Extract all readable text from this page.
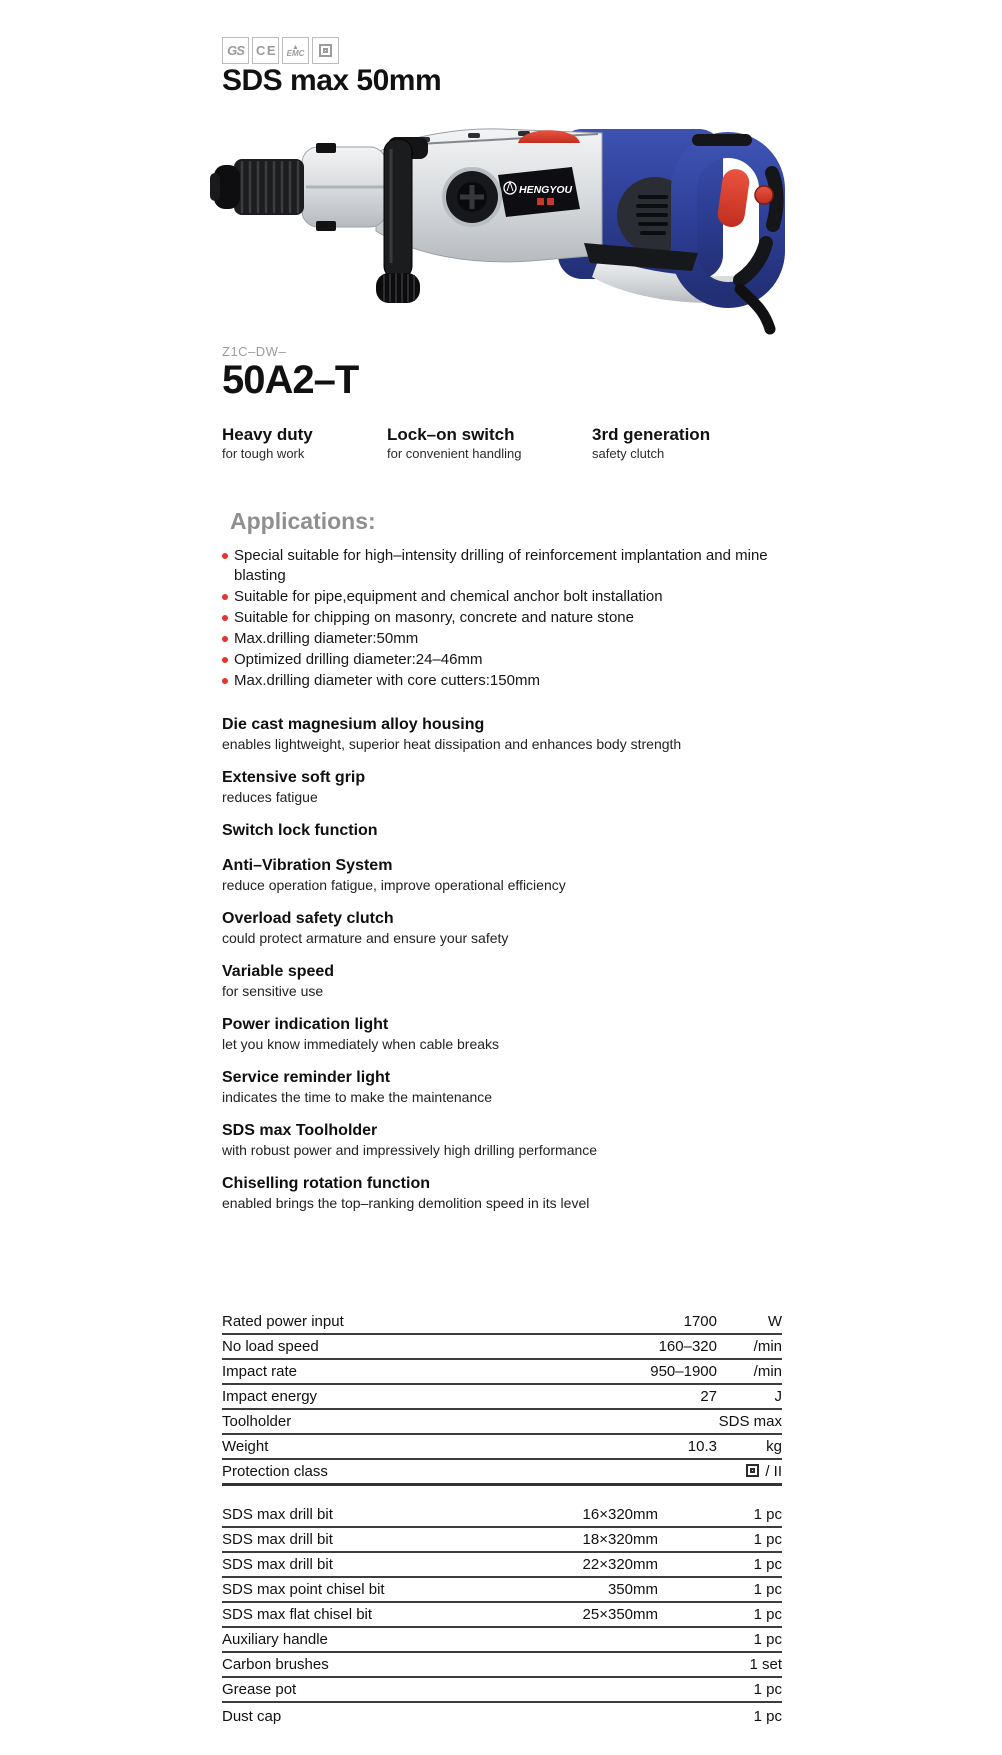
GS CE ▲
EMC
SDS max 50mm
HENGYOU
Z1C–DW–
50A2–T
Heavy duty
for tough work
Lock–on switch
for convenient handling
3rd generation
safety clutch
Applications:
Special suitable for high–intensity drilling of reinforcement implantation and mine blasting
Suitable for pipe,equipment and chemical anchor bolt installation
Suitable for chipping on masonry, concrete and nature stone
Max.drilling diameter:50mm
Optimized drilling diameter:24–46mm
Max.drilling diameter with core cutters:150mm
Die cast magnesium alloy housing
enables lightweight, superior heat dissipation and enhances body strength
Extensive soft grip
reduces fatigue
Switch lock function
Anti–Vibration System
reduce operation fatigue, improve operational efficiency
Overload safety clutch
could protect armature and ensure your safety
Variable speed
for sensitive use
Power indication light
let you know immediately when cable breaks
Service reminder light
indicates the time to make the maintenance
SDS max Toolholder
with robust power and impressively high drilling performance
Chiselling rotation function
enabled brings the top–ranking demolition speed in its level
Rated power input	1700	W
No load speed	160–320	/min
Impact rate	950–1900	/min
Impact energy	27	J
Toolholder	SDS max
Weight	10.3	kg
Protection class	/ II
SDS max drill bit	16×320mm	1 pc
SDS max drill bit	18×320mm	1 pc
SDS max drill bit	22×320mm	1 pc
SDS max point chisel bit	350mm	1 pc
SDS max flat chisel bit	25×350mm	1 pc
Auxiliary handle	1 pc
Carbon brushes	1 set
Grease pot	1 pc
Dust cap	1 pc
